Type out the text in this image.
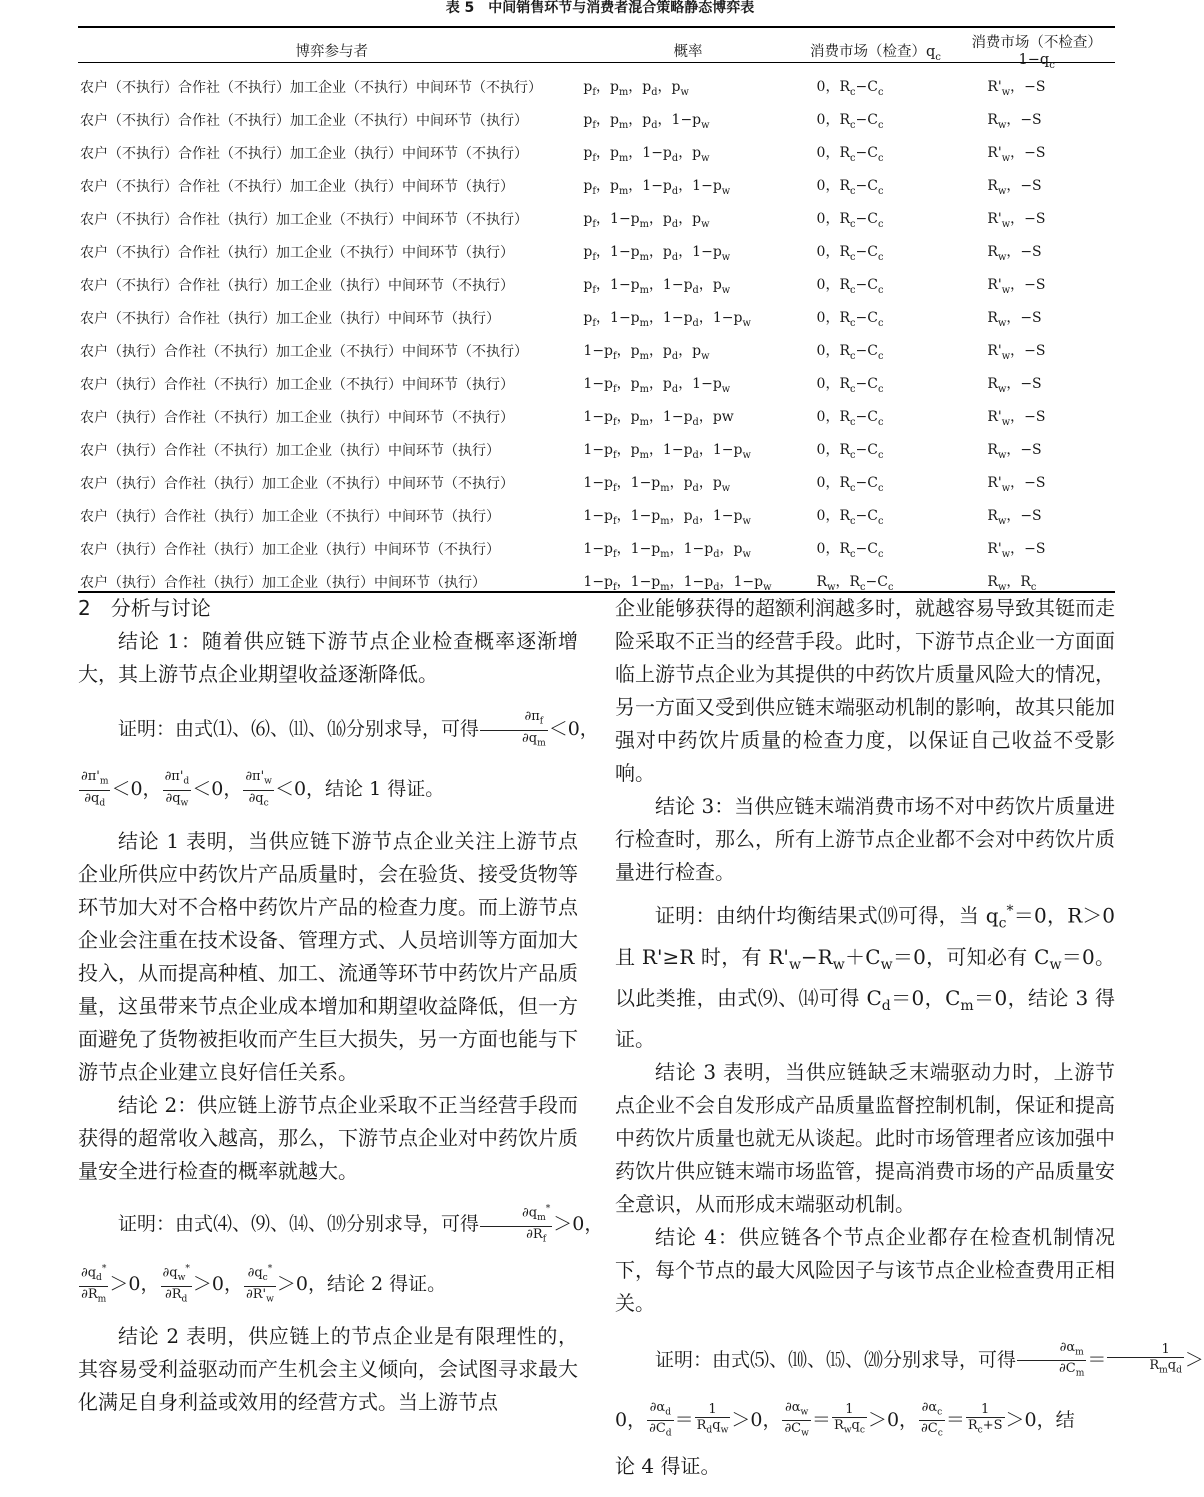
表 5　中间销售环节与消费者混合策略静态博弈表
博弈参与者	概率	消费市场（检查）$q_c$	消费市场（不检查）$1-q_c$
农户（不执行）合作社（不执行）加工企业（不执行）中间环节（不执行）	$p_f$，$p_m$，$p_d$，$p_w$	0，$R_c-C_c$	$R'_w$，−S
农户（不执行）合作社（不执行）加工企业（不执行）中间环节（执行）	$p_f$，$p_m$，$p_d$，$1-p_w$	0，$R_c-C_c$	$R_w$，−S
农户（不执行）合作社（不执行）加工企业（执行）中间环节（不执行）	$p_f$，$p_m$，$1-p_d$，$p_w$	0，$R_c-C_c$	$R'_w$，−S
农户（不执行）合作社（不执行）加工企业（执行）中间环节（执行）	$p_f$，$p_m$，$1-p_d$，$1-p_w$	0，$R_c-C_c$	$R_w$，−S
农户（不执行）合作社（执行）加工企业（不执行）中间环节（不执行）	$p_f$，$1-p_m$，$p_d$，$p_w$	0，$R_c-C_c$	$R'_w$，−S
农户（不执行）合作社（执行）加工企业（不执行）中间环节（执行）	$p_f$，$1-p_m$，$p_d$，$1-p_w$	0，$R_c-C_c$	$R_w$，−S
农户（不执行）合作社（执行）加工企业（执行）中间环节（不执行）	$p_f$，$1-p_m$，$1-p_d$，$p_w$	0，$R_c-C_c$	$R'_w$，−S
农户（不执行）合作社（执行）加工企业（执行）中间环节（执行）	$p_f$，$1-p_m$，$1-p_d$，$1-p_w$	0，$R_c-C_c$	$R_w$，−S
农户（执行）合作社（不执行）加工企业（不执行）中间环节（不执行）	$1-p_f$，$p_m$，$p_d$，$p_w$	0，$R_c-C_c$	$R'_w$，−S
农户（执行）合作社（不执行）加工企业（不执行）中间环节（执行）	$1-p_f$，$p_m$，$p_d$，$1-p_w$	0，$R_c-C_c$	$R_w$，−S
农户（执行）合作社（不执行）加工企业（执行）中间环节（不执行）	$1-p_f$，$p_m$，$1-p_d$，pw	0，$R_c-C_c$	$R'_w$，−S
农户（执行）合作社（不执行）加工企业（执行）中间环节（执行）	$1-p_f$，$p_m$，$1-p_d$，$1-p_w$	0，$R_c-C_c$	$R_w$，−S
农户（执行）合作社（执行）加工企业（不执行）中间环节（不执行）	$1-p_f$，$1-p_m$，$p_d$，$p_w$	0，$R_c-C_c$	$R'_w$，−S
农户（执行）合作社（执行）加工企业（不执行）中间环节（执行）	$1-p_f$，$1-p_m$，$p_d$，$1-p_w$	0，$R_c-C_c$	$R_w$，−S
农户（执行）合作社（执行）加工企业（执行）中间环节（不执行）	$1-p_f$，$1-p_m$，$1-p_d$，$p_w$	0，$R_c-C_c$	$R'_w$，−S
农户（执行）合作社（执行）加工企业（执行）中间环节（执行）	$1-p_f$，$1-p_m$，$1-p_d$，$1-p_w$	$R_w$，$R_c-C_c$	$R_w$，$R_c$

2　分析与讨论

结论 1：随着供应链下游节点企业检查概率逐渐增大，其上游节点企业期望收益逐渐降低。

证明：由式⑴、⑹、⑾、⒃分别求导，可得 $\frac{\partial\pi_f}{\partial q_m} <0$，

$\frac{\partial\pi'_m}{\partial q_d} <0$， $\frac{\partial\pi'_d}{\partial q_w} <0$， $\frac{\partial\pi'_w}{\partial q_c} <0$，结论 1 得证。

结论 1 表明，当供应链下游节点企业关注上游节点企业所供应中药饮片产品质量时，会在验货、接受货物等环节加大对不合格中药饮片产品的检查力度。而上游节点企业会注重在技术设备、管理方式、人员培训等方面加大投入，从而提高种植、加工、流通等环节中药饮片产品质量，这虽带来节点企业成本增加和期望收益降低，但一方面避免了货物被拒收而产生巨大损失，另一方面也能与下游节点企业建立良好信任关系。

结论 2：供应链上游节点企业采取不正当经营手段而获得的超常收入越高，那么，下游节点企业对中药饮片质量安全进行检查的概率就越大。

证明：由式⑷、⑼、⒁、⒆分别求导，可得 $\frac{\partial q_m^*}{\partial R_f} >0$，

$\frac{\partial q_d^*}{\partial R_m} >0$， $\frac{\partial q_w^*}{\partial R_d} >0$， $\frac{\partial q_c^*}{\partial R'_w} >0$，结论 2 得证。

结论 2 表明，供应链上的节点企业是有限理性的，其容易受利益驱动而产生机会主义倾向，会试图寻求最大化满足自身利益或效用的经营方式。当上游节点

企业能够获得的超额利润越多时，就越容易导致其铤而走险采取不正当的经营手段。此时，下游节点企业一方面面临上游节点企业为其提供的中药饮片质量风险大的情况，另一方面又受到供应链末端驱动机制的影响，故其只能加强对中药饮片质量的检查力度，以保证自己收益不受影响。

结论 3：当供应链末端消费市场不对中药饮片质量进行检查时，那么，所有上游节点企业都不会对中药饮片质量进行检查。

证明：由纳什均衡结果式⒆可得，当 $q_c^*=0$，R＞0 且 R'≥R 时，有 $R'_w-R_w+C_w=0$，可知必有 $C_w=0$。以此类推，由式⑼、⒁可得 $C_d=0$，$C_m=0$，结论 3 得证。

结论 3 表明，当供应链缺乏末端驱动力时，上游节点企业不会自发形成产品质量监督控制机制，保证和提高中药饮片质量也就无从谈起。此时市场管理者应该加强中药饮片供应链末端市场监管，提高消费市场的产品质量安全意识，从而形成末端驱动机制。

结论 4：供应链各个节点企业都存在检查机制情况下，每个节点的最大风险因子与该节点企业检查费用正相关。

证明：由式⑸、⑽、⒂、⒇分别求导，可得 $\frac{\partial\alpha_m}{\partial C_m} = \frac{1}{R_mq_d}$ ＞

0， $\frac{\partial\alpha_d}{\partial C_d} = \frac{1}{R_dq_w} >0$， $\frac{\partial\alpha_w}{\partial C_w} = \frac{1}{R_wq_c} >0$， $\frac{\partial\alpha_c}{\partial C_c} = \frac{1}{R_c+S} >0$，结

论 4 得证。
